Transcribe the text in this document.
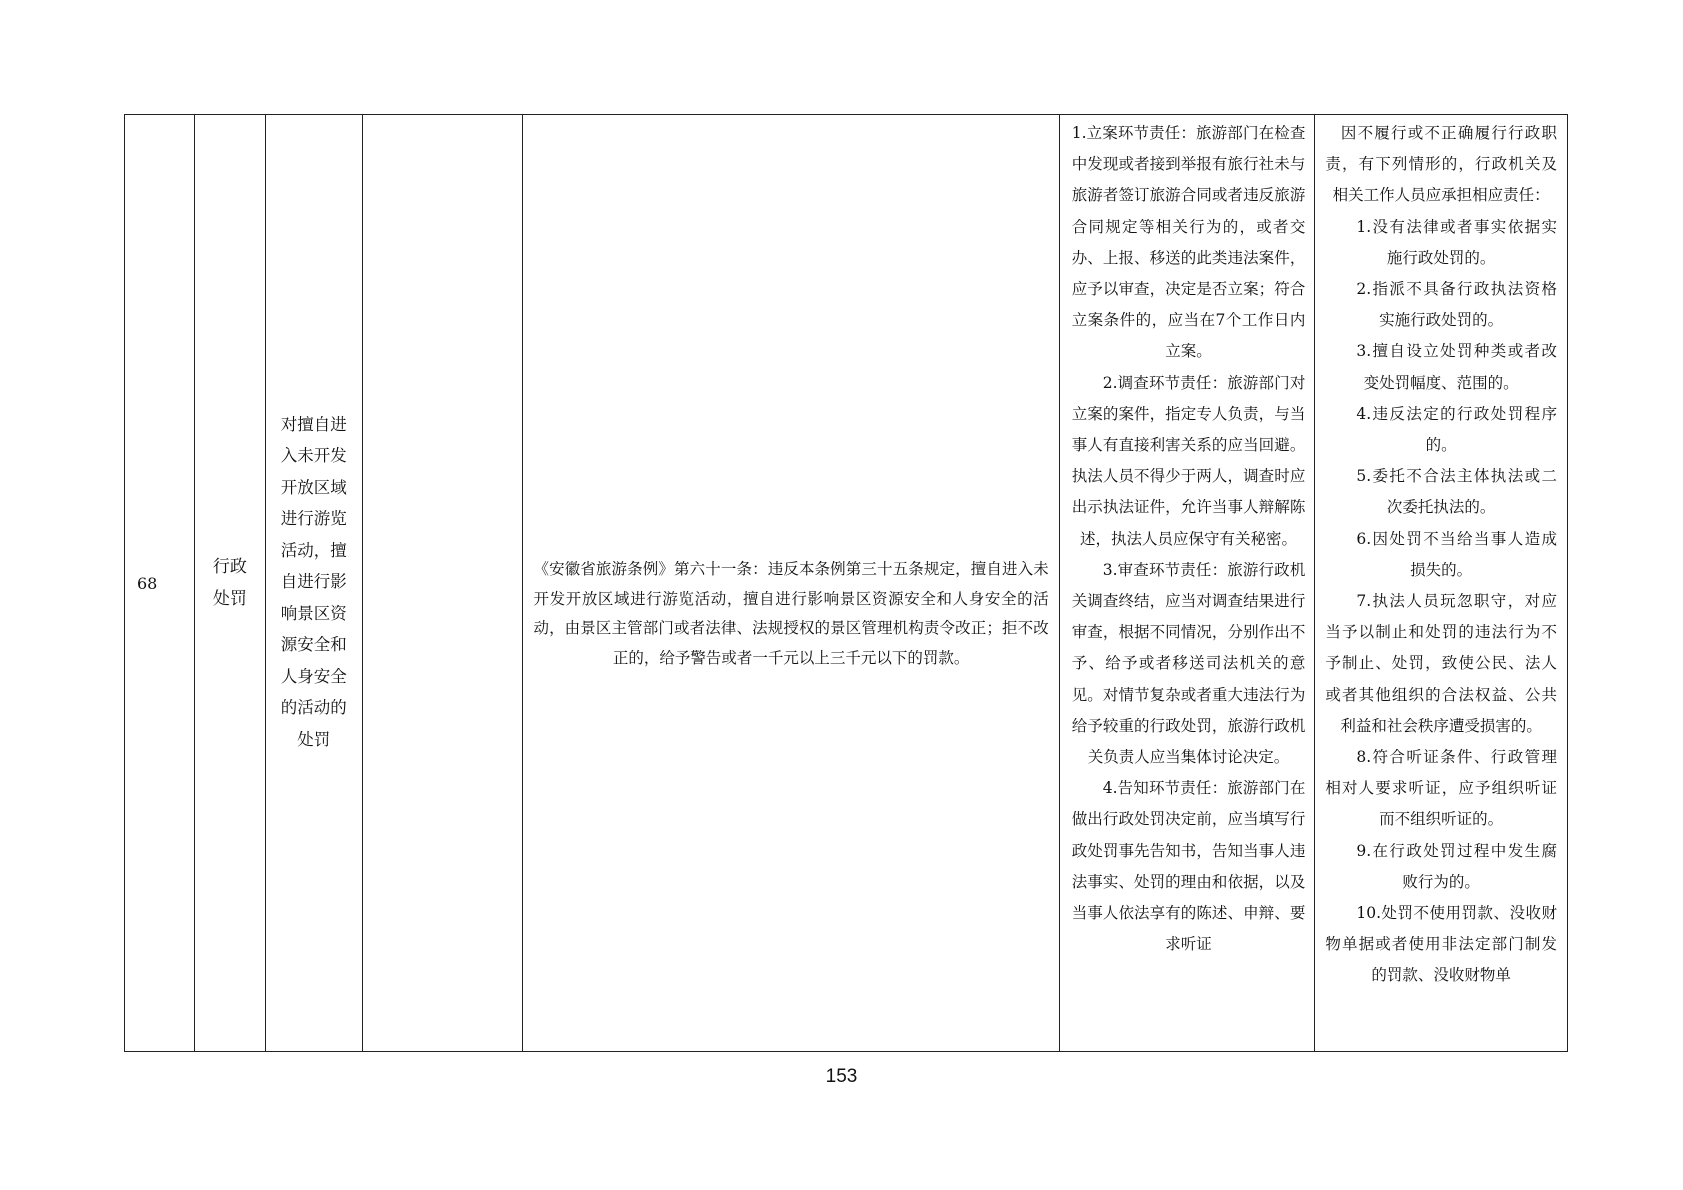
68
行政处罚
对擅自进入未开发开放区域进行游览活动，擅自进行影响景区资源安全和人身安全的活动的处罚
《安徽省旅游条例》第六十一条：违反本条例第三十五条规定，擅自进入未开发开放区域进行游览活动，擅自进行影响景区资源安全和人身安全的活动，由景区主管部门或者法律、法规授权的景区管理机构责令改正；拒不改正的，给予警告或者一千元以上三千元以下的罚款。

1.立案环节责任：旅游部门在检查中发现或者接到举报有旅行社未与旅游者签订旅游合同或者违反旅游合同规定等相关行为的，或者交办、上报、移送的此类违法案件，应予以审查，决定是否立案；符合立案条件的，应当在7个工作日内立案。

2.调查环节责任：旅游部门对立案的案件，指定专人负责，与当事人有直接利害关系的应当回避。执法人员不得少于两人，调查时应出示执法证件，允许当事人辩解陈述，执法人员应保守有关秘密。

3.审查环节责任：旅游行政机关调查终结，应当对调查结果进行审查，根据不同情况，分别作出不予、给予或者移送司法机关的意见。对情节复杂或者重大违法行为给予较重的行政处罚，旅游行政机关负责人应当集体讨论决定。

4.告知环节责任：旅游部门在做出行政处罚决定前，应当填写行政处罚事先告知书，告知当事人违法事实、处罚的理由和依据，以及当事人依法享有的陈述、申辩、要求听证

因不履行或不正确履行行政职责，有下列情形的，行政机关及相关工作人员应承担相应责任：

1.没有法律或者事实依据实施行政处罚的。

2.指派不具备行政执法资格实施行政处罚的。

3.擅自设立处罚种类或者改变处罚幅度、范围的。

4.违反法定的行政处罚程序的。

5.委托不合法主体执法或二次委托执法的。

6.因处罚不当给当事人造成损失的。

7.执法人员玩忽职守，对应当予以制止和处罚的违法行为不予制止、处罚，致使公民、法人或者其他组织的合法权益、公共利益和社会秩序遭受损害的。

8.符合听证条件、行政管理相对人要求听证，应予组织听证而不组织听证的。

9.在行政处罚过程中发生腐败行为的。

10.处罚不使用罚款、没收财物单据或者使用非法定部门制发的罚款、没收财物单

153
